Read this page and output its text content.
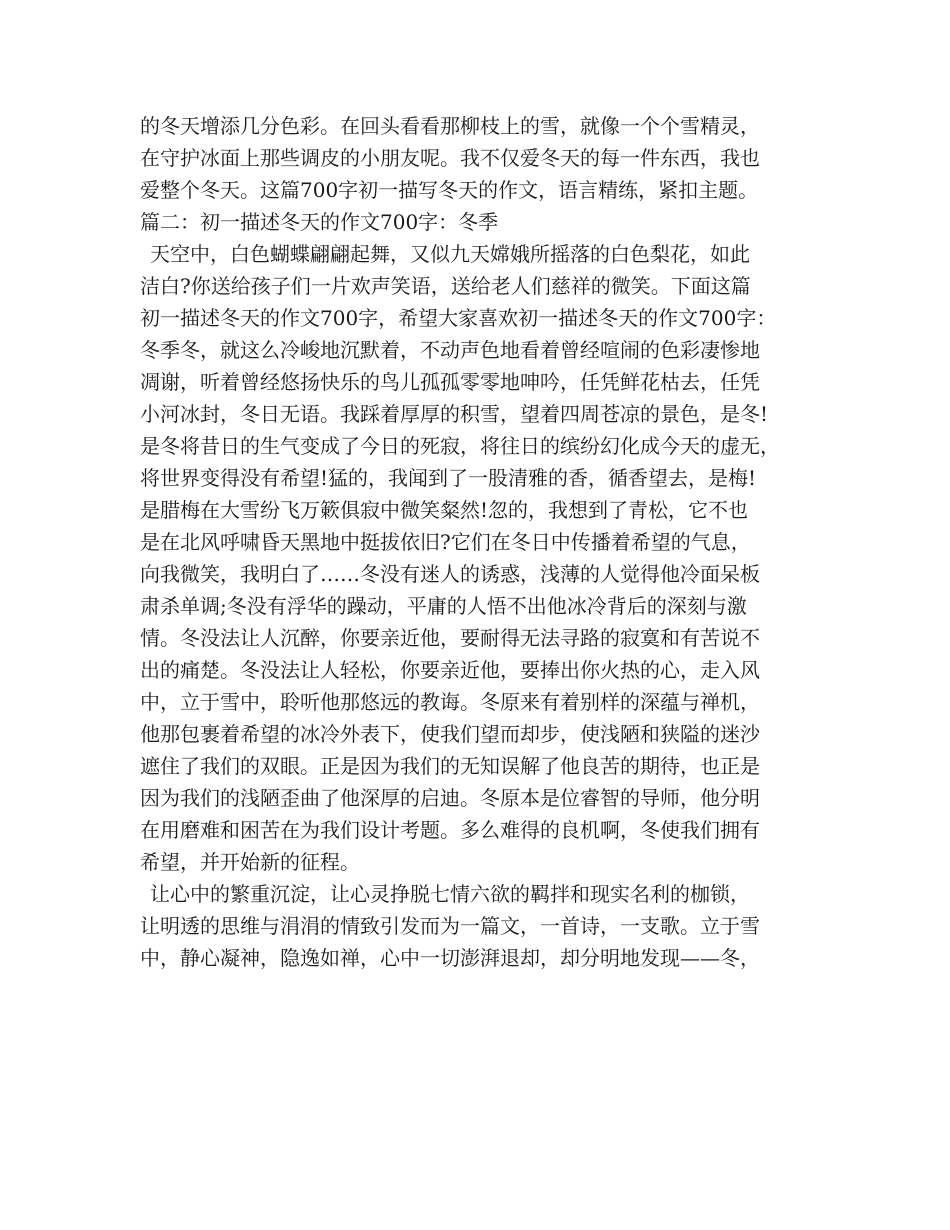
的冬天增添几分色彩。在回头看看那柳枝上的雪，就像一个个雪精灵，
在守护冰面上那些调皮的小朋友呢。我不仅爱冬天的每一件东西，我也
爱整个冬天。这篇700字初一描写冬天的作文，语言精练，紧扣主题。
篇二：初一描述冬天的作文700字：冬季
天空中，白色蝴蝶翩翩起舞，又似九天嫦娥所摇落的白色梨花，如此
洁白?你送给孩子们一片欢声笑语，送给老人们慈祥的微笑。下面这篇
初一描述冬天的作文700字，希望大家喜欢初一描述冬天的作文700字：
冬季冬，就这么冷峻地沉默着，不动声色地看着曾经喧闹的色彩凄惨地
凋谢，听着曾经悠扬快乐的鸟儿孤孤零零地呻吟，任凭鲜花枯去，任凭
小河冰封，冬日无语。我踩着厚厚的积雪，望着四周苍凉的景色，是冬!
是冬将昔日的生气变成了今日的死寂，将往日的缤纷幻化成今天的虚无，
将世界变得没有希望!猛的，我闻到了一股清雅的香，循香望去，是梅!
是腊梅在大雪纷飞万簌俱寂中微笑粲然!忽的，我想到了青松，它不也
是在北风呼啸昏天黑地中挺拔依旧?它们在冬日中传播着希望的气息，
向我微笑，我明白了……冬没有迷人的诱惑，浅薄的人觉得他冷面呆板
肃杀单调;冬没有浮华的躁动，平庸的人悟不出他冰冷背后的深刻与激
情。冬没法让人沉醉，你要亲近他，要耐得无法寻路的寂寞和有苦说不
出的痛楚。冬没法让人轻松，你要亲近他，要捧出你火热的心，走入风
中，立于雪中，聆听他那悠远的教诲。冬原来有着别样的深蕴与禅机，
他那包裹着希望的冰冷外表下，使我们望而却步，使浅陋和狭隘的迷沙
遮住了我们的双眼。正是因为我们的无知误解了他良苦的期待，也正是
因为我们的浅陋歪曲了他深厚的启迪。冬原本是位睿智的导师，他分明
在用磨难和困苦在为我们设计考题。多么难得的良机啊，冬使我们拥有
希望，并开始新的征程。
让心中的繁重沉淀，让心灵挣脱七情六欲的羁拌和现实名利的枷锁，
让明透的思维与涓涓的情致引发而为一篇文，一首诗，一支歌。立于雪
中，静心凝神，隐逸如禅，心中一切澎湃退却，却分明地发现——冬，
